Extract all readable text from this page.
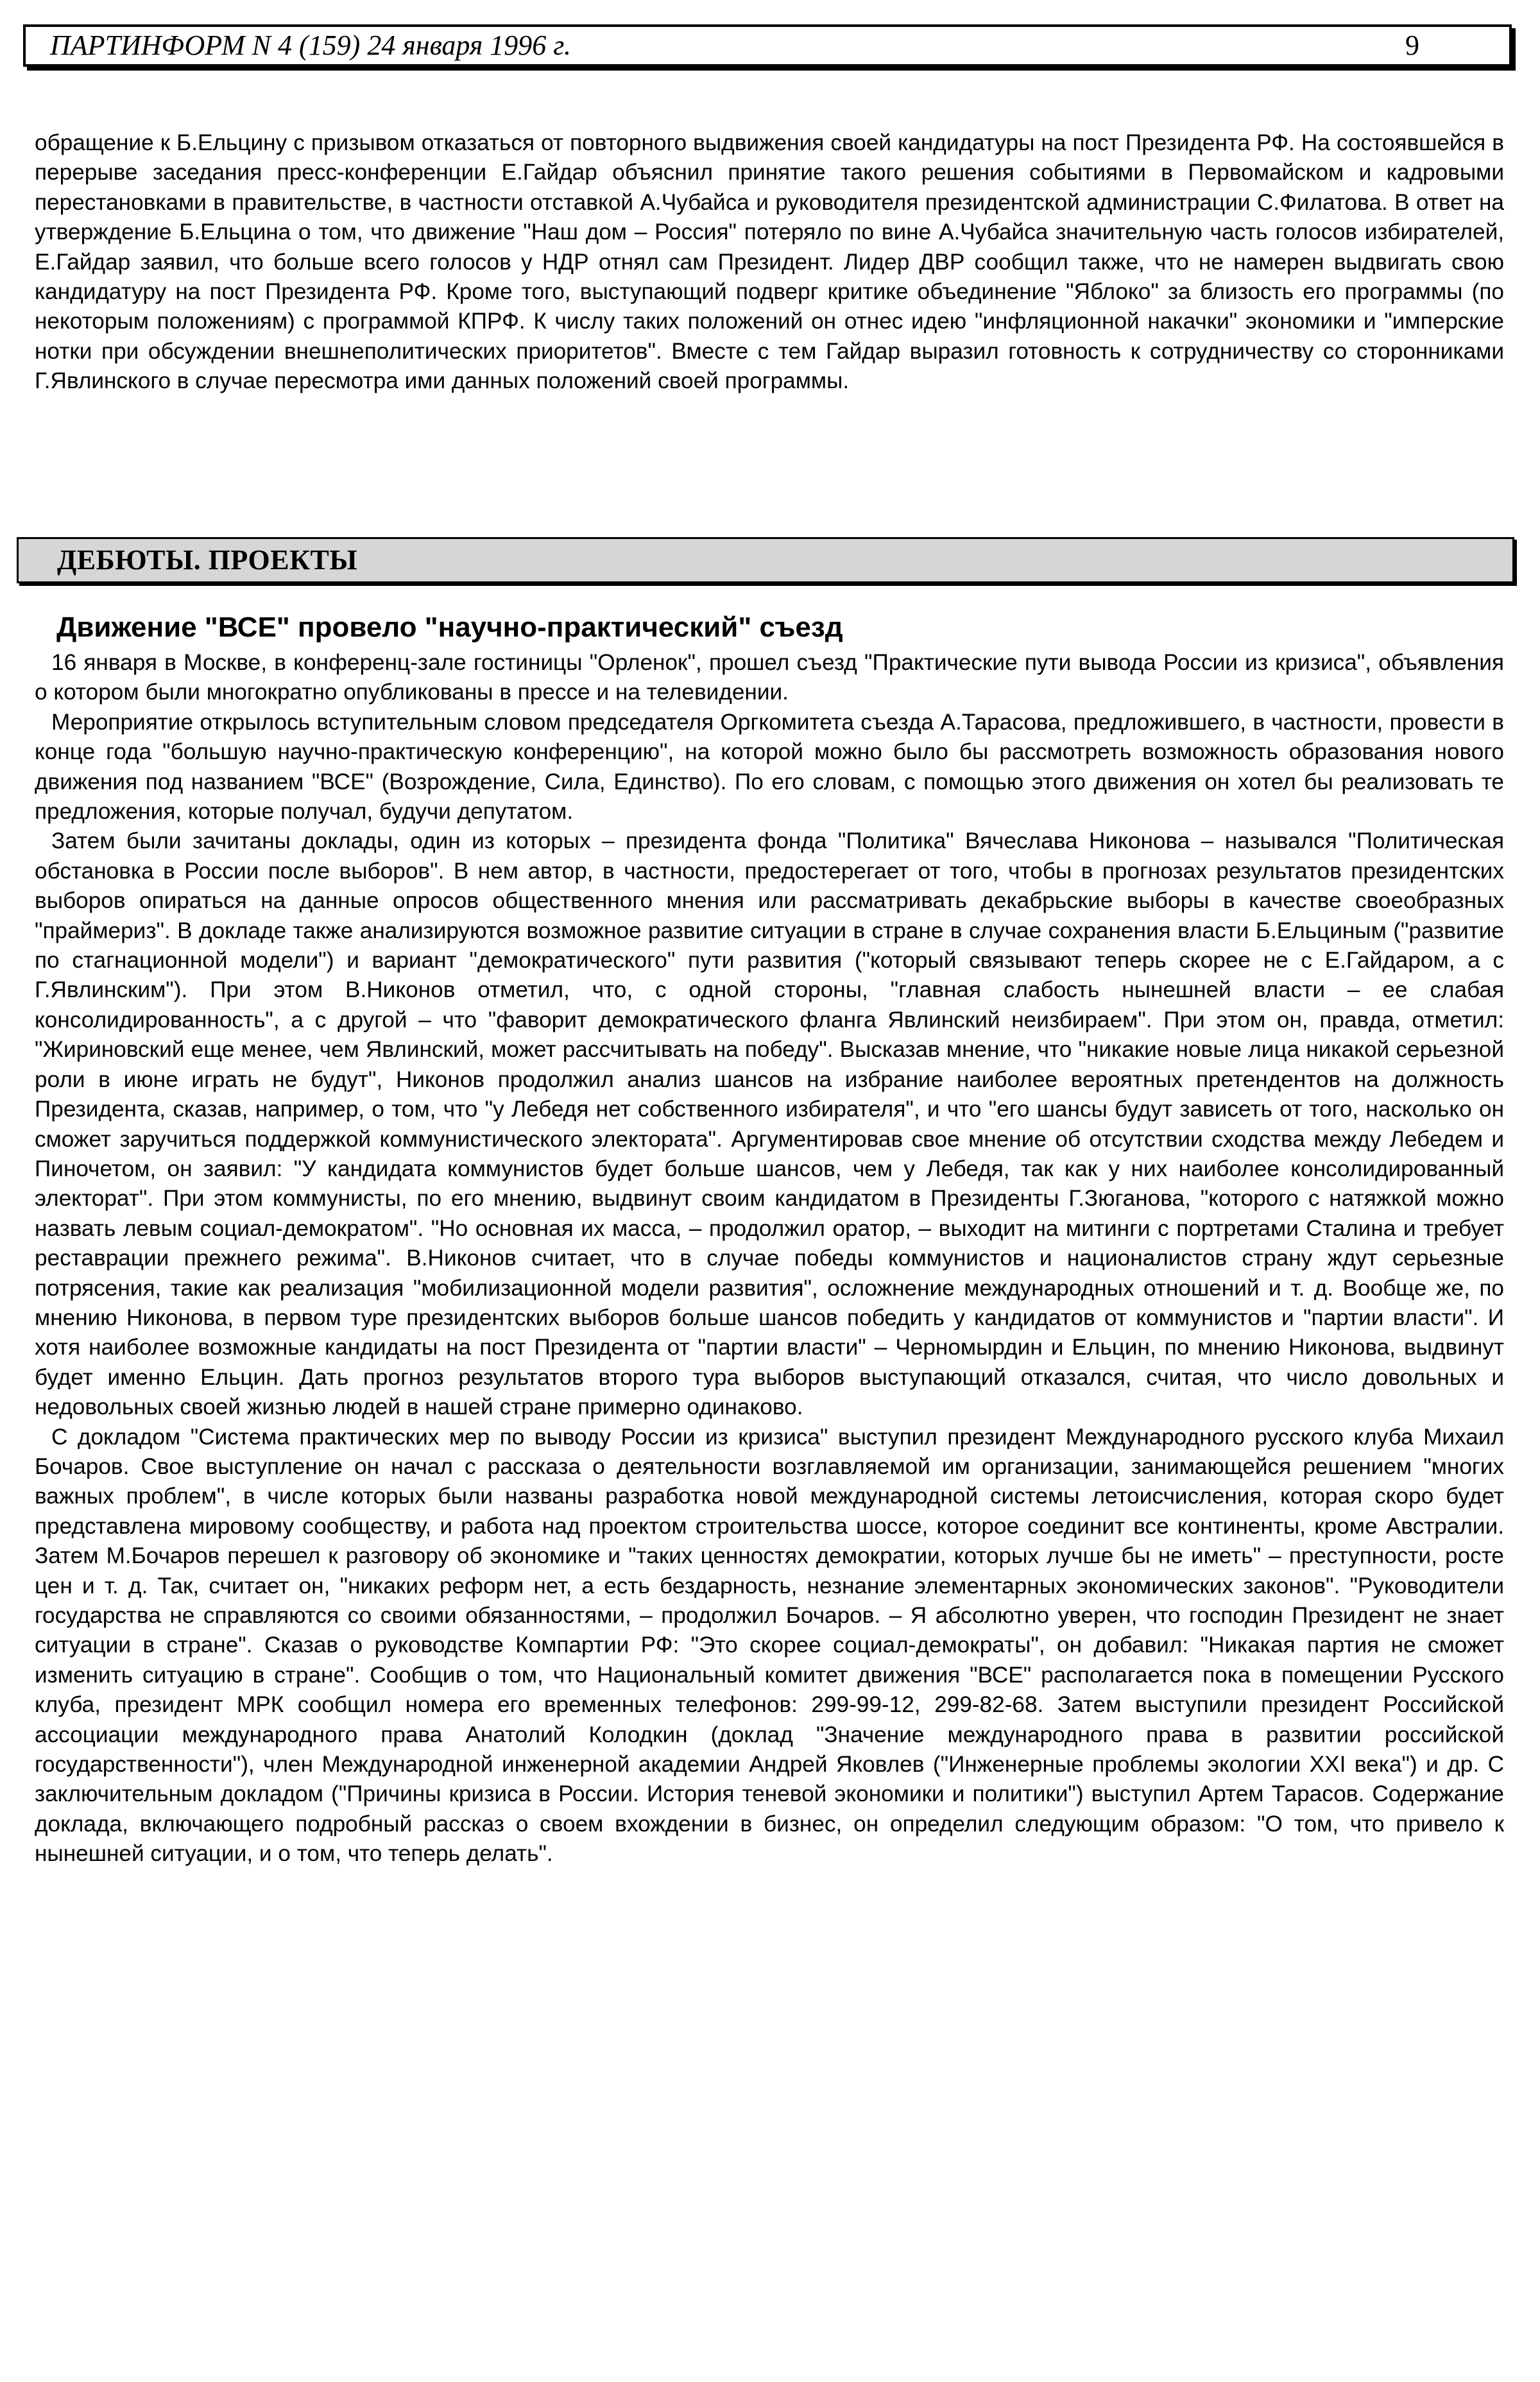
ПАРТИНФОРМ N 4 (159) 24 января 1996 г.	9

обращение к Б.Ельцину с призывом отказаться от повторного выдвижения своей кандидатуры на пост Президента РФ. На состоявшейся в перерыве заседания пресс-конференции Е.Гайдар объяснил принятие такого решения событиями в Первомайском и кадровыми перестановками в правительстве, в частности отставкой А.Чубайса и руководителя президентской администрации С.Филатова. В ответ на утверждение Б.Ельцина о том, что движение "Наш дом – Россия" потеряло по вине А.Чубайса значительную часть голосов избирателей, Е.Гайдар заявил, что больше всего голосов у НДР отнял сам Президент. Лидер ДВР сообщил также, что не намерен выдвигать свою кандидатуру на пост Президента РФ. Кроме того, выступающий подверг критике объединение "Яблоко" за близость его программы (по некоторым положениям) с программой КПРФ. К числу таких положений он отнес идею "инфляционной накачки" экономики и "имперские нотки при обсуждении внешнеполитических приоритетов". Вместе с тем Гайдар выразил готовность к сотрудничеству со сторонниками Г.Явлинского в случае пересмотра ими данных положений своей программы.

ДЕБЮТЫ. ПРОЕКТЫ
Движение "ВСЕ" провело "научно-практический" съезд

16 января в Москве, в конференц-зале гостиницы "Орленок", прошел съезд "Практические пути вывода России из кризиса", объявления о котором были многократно опубликованы в прессе и на телевидении.

Мероприятие открылось вступительным словом председателя Оргкомитета съезда А.Тарасова, предложившего, в частности, провести в конце года "большую научно-практическую конференцию", на которой можно было бы рассмотреть возможность образования нового движения под названием "ВСЕ" (Возрождение, Сила, Единство). По его словам, с помощью этого движения он хотел бы реализовать те предложения, которые получал, будучи депутатом.

Затем были зачитаны доклады, один из которых – президента фонда "Политика" Вячеслава Никонова – назывался "Политическая обстановка в России после выборов". В нем автор, в частности, предостерегает от того, чтобы в прогнозах результатов президентских выборов опираться на данные опросов общественного мнения или рассматривать декабрьские выборы в качестве своеобразных "праймериз". В докладе также анализируются возможное развитие ситуации в стране в случае сохранения власти Б.Ельциным ("развитие по стагнационной модели") и вариант "демократического" пути развития ("который связывают теперь скорее не с Е.Гайдаром, а с Г.Явлинским"). При этом В.Никонов отметил, что, с одной стороны, "главная слабость нынешней власти – ее слабая консолидированность", а с другой – что "фаворит демократического фланга Явлинский неизбираем". При этом он, правда, отметил: "Жириновский еще менее, чем Явлинский, может рассчитывать на победу". Высказав мнение, что "никакие новые лица никакой серьезной роли в июне играть не будут", Никонов продолжил анализ шансов на избрание наиболее вероятных претендентов на должность Президента, сказав, например, о том, что "у Лебедя нет собственного избирателя", и что "его шансы будут зависеть от того, насколько он сможет заручиться поддержкой коммунистического электората". Аргументировав свое мнение об отсутствии сходства между Лебедем и Пиночетом, он заявил: "У кандидата коммунистов будет больше шансов, чем у Лебедя, так как у них наиболее консолидированный электорат". При этом коммунисты, по его мнению, выдвинут своим кандидатом в Президенты Г.Зюганова, "которого с натяжкой можно назвать левым социал-демократом". "Но основная их масса, – продолжил оратор, – выходит на митинги с портретами Сталина и требует реставрации прежнего режима". В.Никонов считает, что в случае победы коммунистов и националистов страну ждут серьезные потрясения, такие как реализация "мобилизационной модели развития", осложнение международных отношений и т. д. Вообще же, по мнению Никонова, в первом туре президентских выборов больше шансов победить у кандидатов от коммунистов и "партии власти". И хотя наиболее возможные кандидаты на пост Президента от "партии власти" – Черномырдин и Ельцин, по мнению Никонова, выдвинут будет именно Ельцин. Дать прогноз результатов второго тура выборов выступающий отказался, считая, что число довольных и недовольных своей жизнью людей в нашей стране примерно одинаково.

С докладом "Система практических мер по выводу России из кризиса" выступил президент Международного русского клуба Михаил Бочаров. Свое выступление он начал с рассказа о деятельности возглавляемой им организации, занимающейся решением "многих важных проблем", в числе которых были названы разработка новой международной системы летоисчисления, которая скоро будет представлена мировому сообществу, и работа над проектом строительства шоссе, которое соединит все континенты, кроме Австралии. Затем М.Бочаров перешел к разговору об экономике и "таких ценностях демократии, которых лучше бы не иметь" – преступности, росте цен и т. д. Так, считает он, "никаких реформ нет, а есть бездарность, незнание элементарных экономических законов". "Руководители государства не справляются со своими обязанностями, – продолжил Бочаров. – Я абсолютно уверен, что господин Президент не знает ситуации в стране". Сказав о руководстве Компартии РФ: "Это скорее социал-демократы", он добавил: "Никакая партия не сможет изменить ситуацию в стране". Сообщив о том, что Национальный комитет движения "ВСЕ" располагается пока в помещении Русского клуба, президент МРК сообщил номера его временных телефонов: 299-99-12, 299-82-68. Затем выступили президент Российской ассоциации международного права Анатолий Колодкин (доклад "Значение международного права в развитии российской государственности"), член Международной инженерной академии Андрей Яковлев ("Инженерные проблемы экологии XXI века") и др. С заключительным докладом ("Причины кризиса в России. История теневой экономики и политики") выступил Артем Тарасов. Содержание доклада, включающего подробный рассказ о своем вхождении в бизнес, он определил следующим образом: "О том, что привело к нынешней ситуации, и о том, что теперь делать".
